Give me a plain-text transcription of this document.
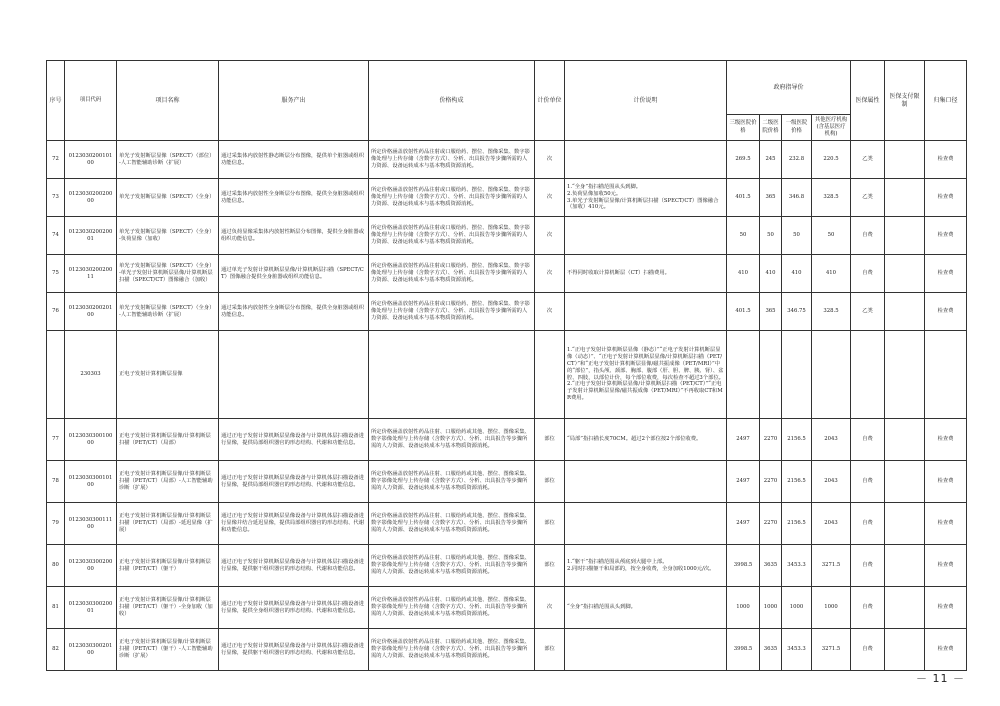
序号	项目代码	项目名称	服务产出	价格构成	计价单位	计价说明	政府指导价				医保属性	医保支付限制	归集口径
							三级医院价格	二级医院价格	一级医院价格	其他医疗机构(含基层医疗机构)			
72	012303020010100	单光子发射断层显像（SPECT）（部位）-人工智能辅助诊断（扩展）	通过采集体内放射性静态断层分布图像，提供单个脏器或组织功能信息。	所定价格涵盖放射性药品注射或口服给药、摆位、图像采集、数字影像处理与上传存储（含数字方式）、分析、出具报告等步骤所需的人力资源、设备运转成本与基本物质资源消耗。	次		269.5	245	232.8	220.5	乙类		检查费
73	012303020020000	单光子发射断层显像（SPECT）（全身）	通过采集体内放射性全身断层分布图像，提供全身脏器或组织功能信息。	所定价格涵盖放射性药品注射或口服给药、摆位、图像采集、数字影像处理与上传存储（含数字方式）、分析、出具报告等步骤所需的人力资源、设备运转成本与基本物质资源消耗。	次	1.“全身”指扫描范围从头到脚。
2.负荷显像加收50元。
3.单光子发射断层显像/计算机断层扫描（SPECT/CT）图像融合（加收）410元。	401.5	365	346.8	328.5	乙类		检查费
74	012303020020001	单光子发射断层显像（SPECT）（全身）-负荷显像（加收）	通过负荷显像采集体内放射性断层分布图像，提供全身脏器或组织功能信息。	所定价格涵盖放射性药品注射或口服给药、摆位、图像采集、数字影像处理与上传存储（含数字方式）、分析、出具报告等步骤所需的人力资源、设备运转成本与基本物质资源消耗。	次		50	50	50	50	自费		检查费
75	012303020020011	单光子发射断层显像（SPECT）（全身）-单光子发射计算机断层显像/计算机断层扫描（SPECT/CT）图像融合（加收）	通过单光子发射计算机断层显像/计算机断层扫描（SPECT/CT）图像融合提供全身脏器或组织功能信息。	所定价格涵盖放射性药品注射或口服给药、摆位、图像采集、数字影像处理与上传存储（含数字方式）、分析、出具报告等步骤所需的人力资源、设备运转成本与基本物质资源消耗。	次	不得同时收取计算机断层（CT）扫描费用。	410	410	410	410	自费		检查费
76	012303020020100	单光子发射断层显像（SPECT）（全身）-人工智能辅助诊断（扩展）	通过采集体内放射性全身断层分布图像，提供全身脏器或组织功能信息。	所定价格涵盖放射性药品注射或口服给药、摆位、图像采集、数字影像处理与上传存储（含数字方式）、分析、出具报告等步骤所需的人力资源、设备运转成本与基本物质资源消耗。	次		401.5	365	346.75	328.5	乙类		检查费
	230303	正电子发射计算机断层显像				1.“正电子发射计算机断层显像（静态）”“正电子发射计算机断层显像（动态）”、“正电子发射计算机断层显像/计算机断层扫描（PET/CT）”和“正电子发射计算机断层显像/磁共振成像（PET/MRI）”中的“部位”，指头颅、颈部、胸部、腹部（肝、胆、脾、胰、肾）、盆腔、四肢，以部位计价，每个部位收费，每次检查不超过3个部位。
2.“正电子发射计算机断层显像/计算机断层扫描（PET/CT）”“正电子发射计算机断层显像/磁共振成像（PET/MRI）”不再收取CT和MR费用。							
77	012303030010000	正电子发射计算机断层显像/计算机断层扫描（PET/CT）（局部）	通过正电子发射计算机断层显像设备与计算机体层扫描设备进行显像，提供局部组织器官的形态结构、代谢和功能信息。	所定价格涵盖放射性药品注射、口服给药或其他、摆位、图像采集、数字影像处理与上传存储（含数字方式）、分析、出具报告等步骤所需的人力资源、设备运转成本与基本物质资源消耗。	部位	“局部”指扫描长度70CM。超过2个部位按2个部位收费。	2497	2270	2156.5	2043	自费		检查费
78	012303030010100	正电子发射计算机断层显像/计算机断层扫描（PET/CT）（局部）-人工智能辅助诊断（扩展）	通过正电子发射计算机断层显像设备与计算机体层扫描设备进行显像，提供局部组织器官的形态结构、代谢和功能信息。	所定价格涵盖放射性药品注射、口服给药或其他、摆位、图像采集、数字影像处理与上传存储（含数字方式）、分析、出具报告等步骤所需的人力资源、设备运转成本与基本物质资源消耗。	部位		2497	2270	2156.5	2043	自费		检查费
79	012303030011100	正电子发射计算机断层显像/计算机断层扫描（PET/CT）（局部）-延迟显像（扩展）	通过正电子发射计算机断层显像设备与计算机体层扫描设备进行显像并结合延迟显像，提供局部组织器官的形态结构、代谢和功能信息。	所定价格涵盖放射性药品注射、口服给药或其他、摆位、图像采集、数字影像处理与上传存储（含数字方式）、分析、出具报告等步骤所需的人力资源、设备运转成本与基本物质资源消耗。	部位		2497	2270	2156.5	2043	自费		检查费
80	012303030020000	正电子发射计算机断层显像/计算机断层扫描（PET/CT）（躯干）	通过正电子发射计算机断层显像设备与计算机体层扫描设备进行显像，提供躯干组织器官的形态结构、代谢和功能信息。	所定价格涵盖放射性药品注射、口服给药或其他、摆位、图像采集、数字影像处理与上传存储（含数字方式）、分析、出具报告等步骤所需的人力资源、设备运转成本与基本物质资源消耗。	部位	1.“躯干”指扫描范围从颅底到大腿中上部。
2.同时扫描躯干和局部的，按全身收费，全身加收1000元/次。	3998.5	3635	3453.3	3271.5	自费		检查费
81	012303030020001	正电子发射计算机断层显像/计算机断层扫描（PET/CT）（躯干）-全身加收（加收）	通过正电子发射计算机断层显像设备与计算机体层扫描设备进行显像，提供全身组织器官的形态结构、代谢和功能信息。	所定价格涵盖放射性药品注射、口服给药或其他、摆位、图像采集、数字影像处理与上传存储（含数字方式）、分析、出具报告等步骤所需的人力资源、设备运转成本与基本物质资源消耗。	次	“全身”指扫描范围从头到脚。	1000	1000	1000	1000	自费		检查费
82	012303030020100	正电子发射计算机断层显像/计算机断层扫描（PET/CT）（躯干）-人工智能辅助诊断（扩展）	通过正电子发射计算机断层显像设备与计算机体层扫描设备进行显像，提供躯干组织器官的形态结构、代谢和功能信息。	所定价格涵盖放射性药品注射、口服给药或其他、摆位、图像采集、数字影像处理与上传存储（含数字方式）、分析、出具报告等步骤所需的人力资源、设备运转成本与基本物质资源消耗。	部位		3998.5	3635	3453.3	3271.5	自费		检查费
－ 11 －
